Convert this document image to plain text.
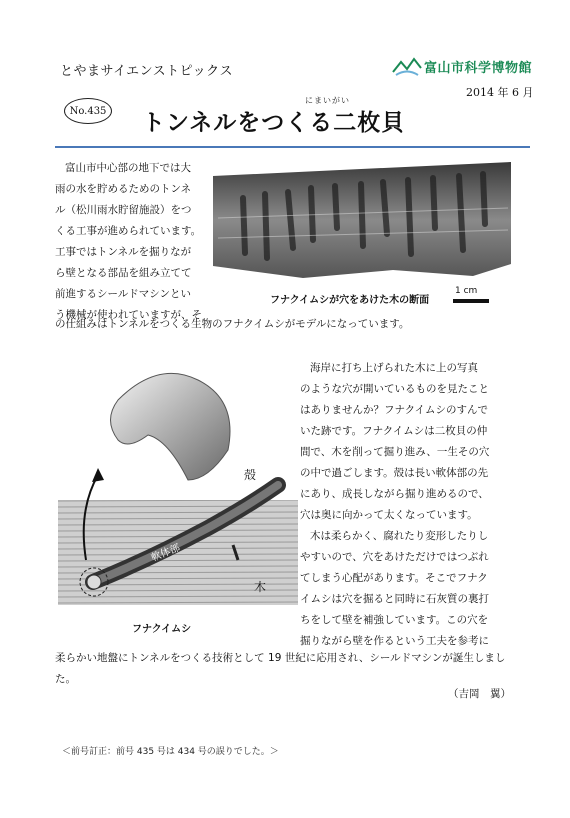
とやまサイエンストピックス	富山市科学博物館
2014 年 6 月
No.435
にまいがい
トンネルをつくる二枚貝
富山市中心部の地下では大
雨の水を貯めるためのトンネ
ル（松川雨水貯留施設）をつ
くる工事が進められています。
工事ではトンネルを掘りなが
ら壁となる部品を組み立てて
前進するシールドマシンとい
う機械が使われていますが、そ
の仕組みはトンネルをつくる生物のフナクイムシがモデルになっています。
フナクイムシが穴をあけた木の断面
1 cm
殻
軟体部
木
フナクイムシ
海岸に打ち上げられた木に上の写真
のような穴が開いているものを見たこと
はありませんか？フナクイムシのすんで
いた跡です。フナクイムシは二枚貝の仲
間で、木を削って掘り進み、一生その穴
の中で過ごします。殻は長い軟体部の先
にあり、成長しながら掘り進めるので、
穴は奥に向かって太くなっています。
木は柔らかく、腐れたり変形したりし
やすいので、穴をあけただけではつぶれ
てしまう心配があります。そこでフナク
イムシは穴を掘ると同時に石灰質の裏打
ちをして壁を補強しています。この穴を
掘りながら壁を作るという工夫を参考に
柔らかい地盤にトンネルをつくる技術として 19 世紀に応用され、シールドマシンが誕生しました。
（吉岡　翼）
＜前号訂正：前号 435 号は 434 号の誤りでした。＞
